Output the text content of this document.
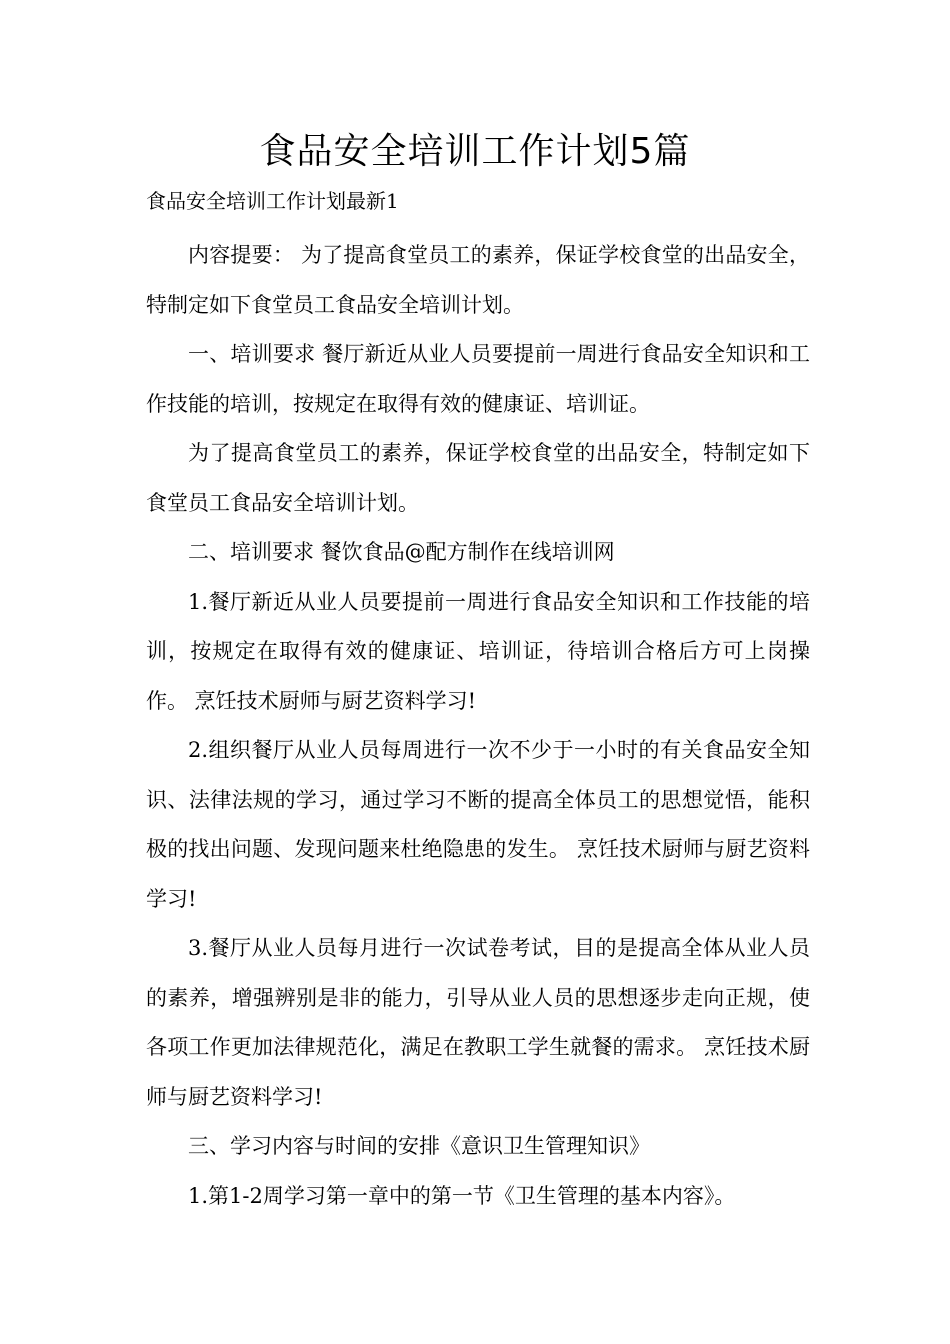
食品安全培训工作计划5篇
食品安全培训工作计划最新1

内容提要： 为了提高食堂员工的素养，保证学校食堂的出品安全，特制定如下食堂员工食品安全培训计划。

一、培训要求 餐厅新近从业人员要提前一周进行食品安全知识和工作技能的培训，按规定在取得有效的健康证、培训证。

为了提高食堂员工的素养，保证学校食堂的出品安全，特制定如下食堂员工食品安全培训计划。

二、培训要求 餐饮食品@配方制作在线培训网

1.餐厅新近从业人员要提前一周进行食品安全知识和工作技能的培训，按规定在取得有效的健康证、培训证，待培训合格后方可上岗操作。 烹饪技术厨师与厨艺资料学习!

2.组织餐厅从业人员每周进行一次不少于一小时的有关食品安全知识、法律法规的学习，通过学习不断的提高全体员工的思想觉悟，能积极的找出问题、发现问题来杜绝隐患的发生。 烹饪技术厨师与厨艺资料学习!

3.餐厅从业人员每月进行一次试卷考试，目的是提高全体从业人员的素养，增强辨别是非的能力，引导从业人员的思想逐步走向正规，使各项工作更加法律规范化，满足在教职工学生就餐的需求。 烹饪技术厨师与厨艺资料学习!

三、学习内容与时间的安排《意识卫生管理知识》

1.第1-2周学习第一章中的第一节《卫生管理的基本内容》。
